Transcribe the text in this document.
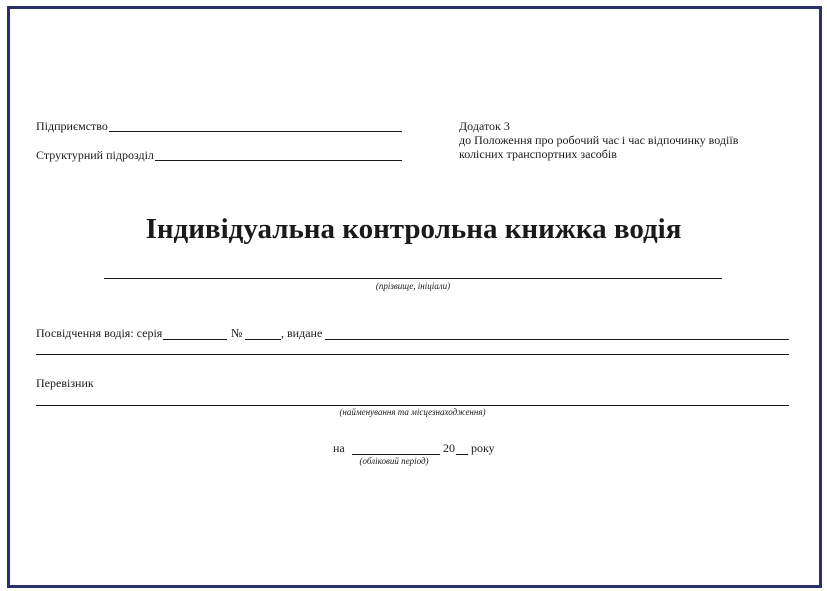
Підприємство
Структурний підрозділ
Додаток 3
до Положення про робочий час і час відпочинку водіїв
колісних транспортних засобів
Індивідуальна контрольна книжка водія
(прізвище, ініціали)
Посвідчення водія: серія	№	, видане
Перевізник
(найменування та місцезнаходження)
на	20 року
(обліковий період)
